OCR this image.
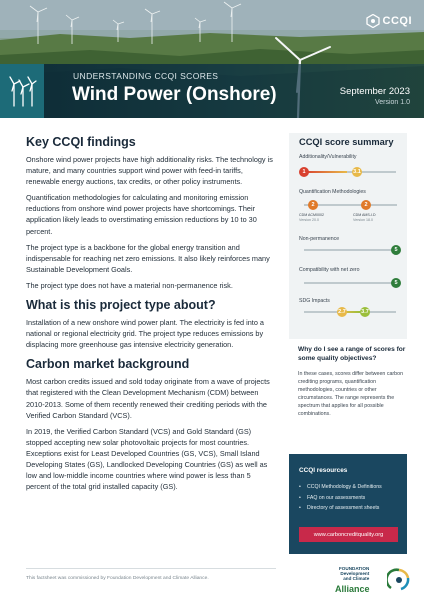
CCQI
UNDERSTANDING CCQI SCORES
Wind Power (Onshore)	September 2023
Version 1.0
Key CCQI findings

Onshore wind power projects have high additionality risks. The technology is mature, and many countries support wind power with feed-in tariffs, renewable energy auctions, tax credits, or other policy instruments.

Quantification methodologies for calculating and monitoring emission reductions from onshore wind power projects have shortcomings. Their application likely leads to overstimating emission reductions by 10 to 30 percent.

The project type is a backbone for the global energy transition and indispensable for reaching net zero emissions. It also likely reinforces many Sustainable Development Goals.

The project type does not have a material non-permanence risk.

What is this project type about?

Installation of a new onshore wind power plant. The electricity is fed into a national or regional electricity grid. The project type reduces emissions by displacing more greenhouse gas intensive electricity generation.

Carbon market background

Most carbon credits issued and sold today originate from a wave of projects that registered with the Clean Development Mechanism (CDM) between 2010-2013. Some of them recently renewed their crediting periods with the Verified Carbon Standard (VCS).

In 2019, the Verified Carbon Standard (VCS) and Gold Standard (GS) stopped accepting new solar photovoltaic projects for most countries. Exceptions exist for Least Developed Countries (GS, VCS), Small Island Developing States (GS), Landlocked Developing Countries (GS) as well as low and low-middle income countries where wind power is less than 5 percent of the total grid installed capacity (GS).

CCQI score summary
Additionality/Vulnerability
1	3.1
Quantification Methodologies
2
CDM ACM0002
Version 20.0
2
CDM AMS-I.D
Version 18.0
Non-permanence
5
Compatibility with net zero
5
SDG Impacts
2.7	3.7
Why do I see a range of scores for some quality objectives?
In these cases, scores differ between carbon crediting programs, quantification methodologies, countries or other circumstances. The range represents the spectrum that applies for all possible combinations.
CCQI resources
• CCQI Methodology & Definitions
• FAQ on our assessments
• Directory of assessment sheets
www.carboncreditquality.org
This factsheet was commissioned by Foundation Development and Climate Alliance.
FOUNDATION
Development
and Climate
Alliance
